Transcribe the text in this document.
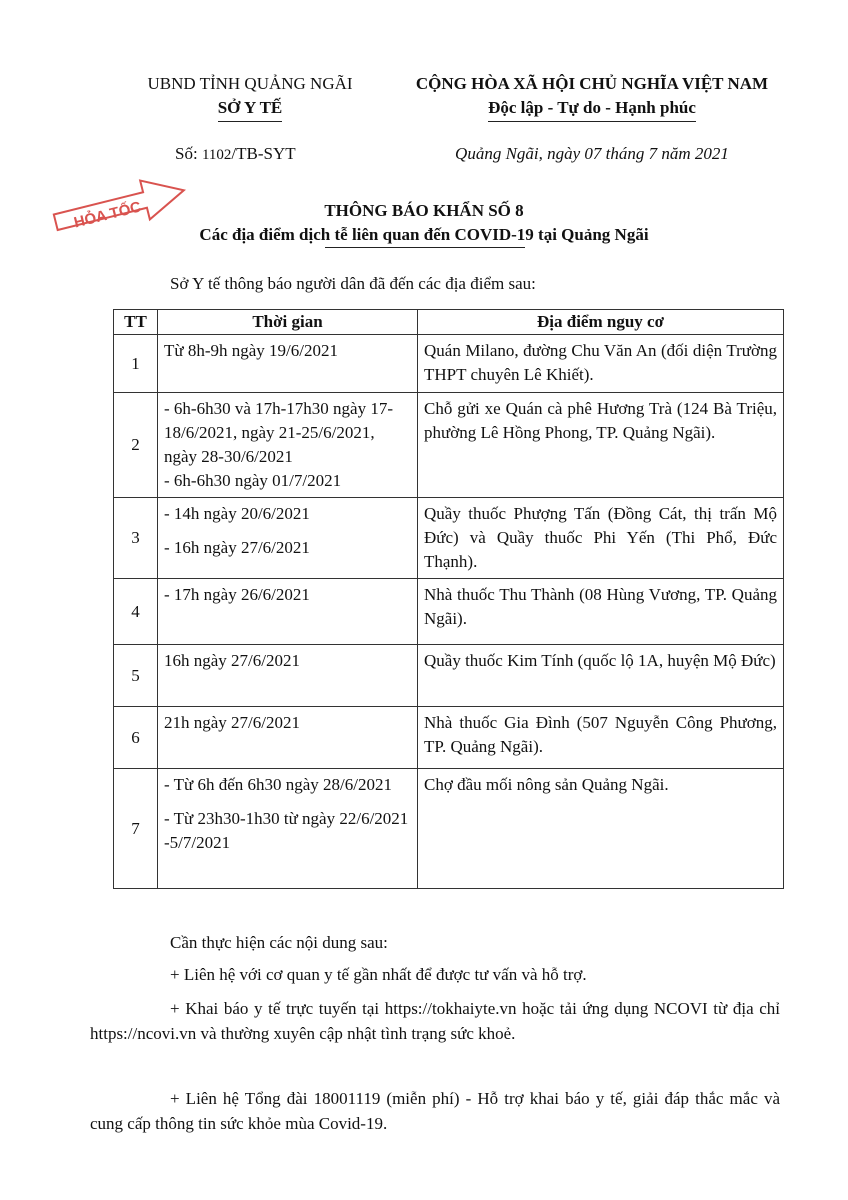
UBND TỈNH QUẢNG NGÃI
SỞ Y TẾ
CỘNG HÒA XÃ HỘI CHỦ NGHĨA VIỆT NAM
Độc lập - Tự do - Hạnh phúc
Số: 1102/TB-SYT	Quảng Ngãi, ngày 07 tháng 7 năm 2021
HỎA TỐC	THÔNG BÁO KHẨN SỐ 8
Các địa điểm dịch tễ liên quan đến COVID-19 tại Quảng Ngãi
Sở Y tế thông báo người dân đã đến các địa điểm sau:
TT	Thời gian	Địa điểm nguy cơ
1	Từ 8h-9h ngày 19/6/2021	Quán Milano, đường Chu Văn An (đối diện Trường THPT chuyên Lê Khiết).
2	- 6h-6h30 và 17h-17h30 ngày 17-18/6/2021, ngày 21-25/6/2021, ngày 28-30/6/2021
- 6h-6h30 ngày 01/7/2021	Chỗ gửi xe Quán cà phê Hương Trà (124 Bà Triệu, phường Lê Hồng Phong, TP. Quảng Ngãi).
3	- 14h ngày 20/6/2021
- 16h ngày 27/6/2021	Quầy thuốc Phượng Tấn (Đồng Cát, thị trấn Mộ Đức) và Quầy thuốc Phi Yến (Thi Phổ, Đức Thạnh).
4	- 17h ngày 26/6/2021	Nhà thuốc Thu Thành (08 Hùng Vương, TP. Quảng Ngãi).
5	16h ngày 27/6/2021	Quầy thuốc Kim Tính (quốc lộ 1A, huyện Mộ Đức)
6	21h ngày 27/6/2021	Nhà thuốc Gia Đình (507 Nguyễn Công Phương, TP. Quảng Ngãi).
7	- Từ 6h đến 6h30 ngày 28/6/2021
- Từ 23h30-1h30 từ ngày 22/6/2021 -5/7/2021	Chợ đầu mối nông sản Quảng Ngãi.
Cần thực hiện các nội dung sau:
+ Liên hệ với cơ quan y tế gần nhất để được tư vấn và hỗ trợ.
+ Khai báo y tế trực tuyến tại https://tokhaiyte.vn hoặc tải ứng dụng NCOVI từ địa chỉ https://ncovi.vn và thường xuyên cập nhật tình trạng sức khoẻ.
+ Liên hệ Tổng đài 18001119 (miễn phí) - Hỗ trợ khai báo y tế, giải đáp thắc mắc và cung cấp thông tin sức khỏe mùa Covid-19.
